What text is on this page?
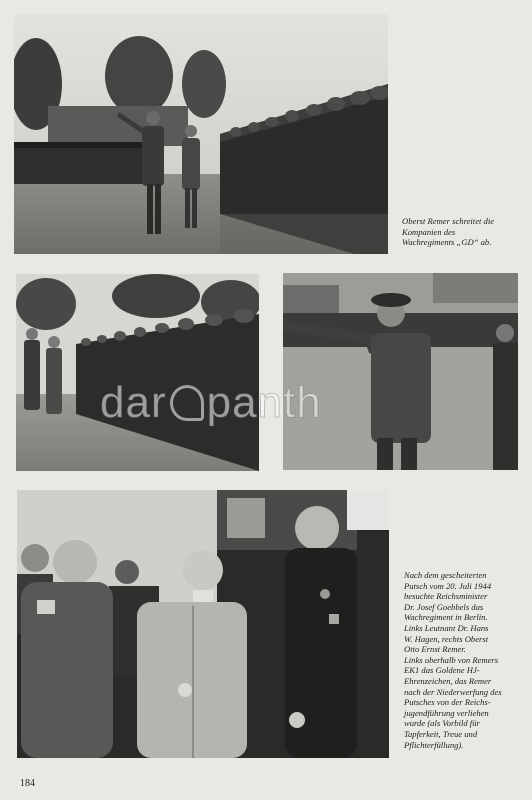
Oberst Remer schreitet die

Kompanien des

Wachregiments „GD“ ab.

Nach dem gescheiterten

Putsch vom 20. Juli 1944

besuchte Reichsminister

Dr. Josef Goebbels das

Wachregiment in Berlin.

Links Leutnant Dr. Hans

W. Hagen, rechts Oberst

Otto Ernst Remer.

Links oberhalb von Remers

EK1 das Goldene HJ-

Ehrenzeichen, das Remer

nach der Niederwerfung des

Putsches von der Reichs-

jugendführung verliehen

wurde (als Vorbild für

Tapferkeit, Treue und

Pflichterfüllung).

184
dar panth
